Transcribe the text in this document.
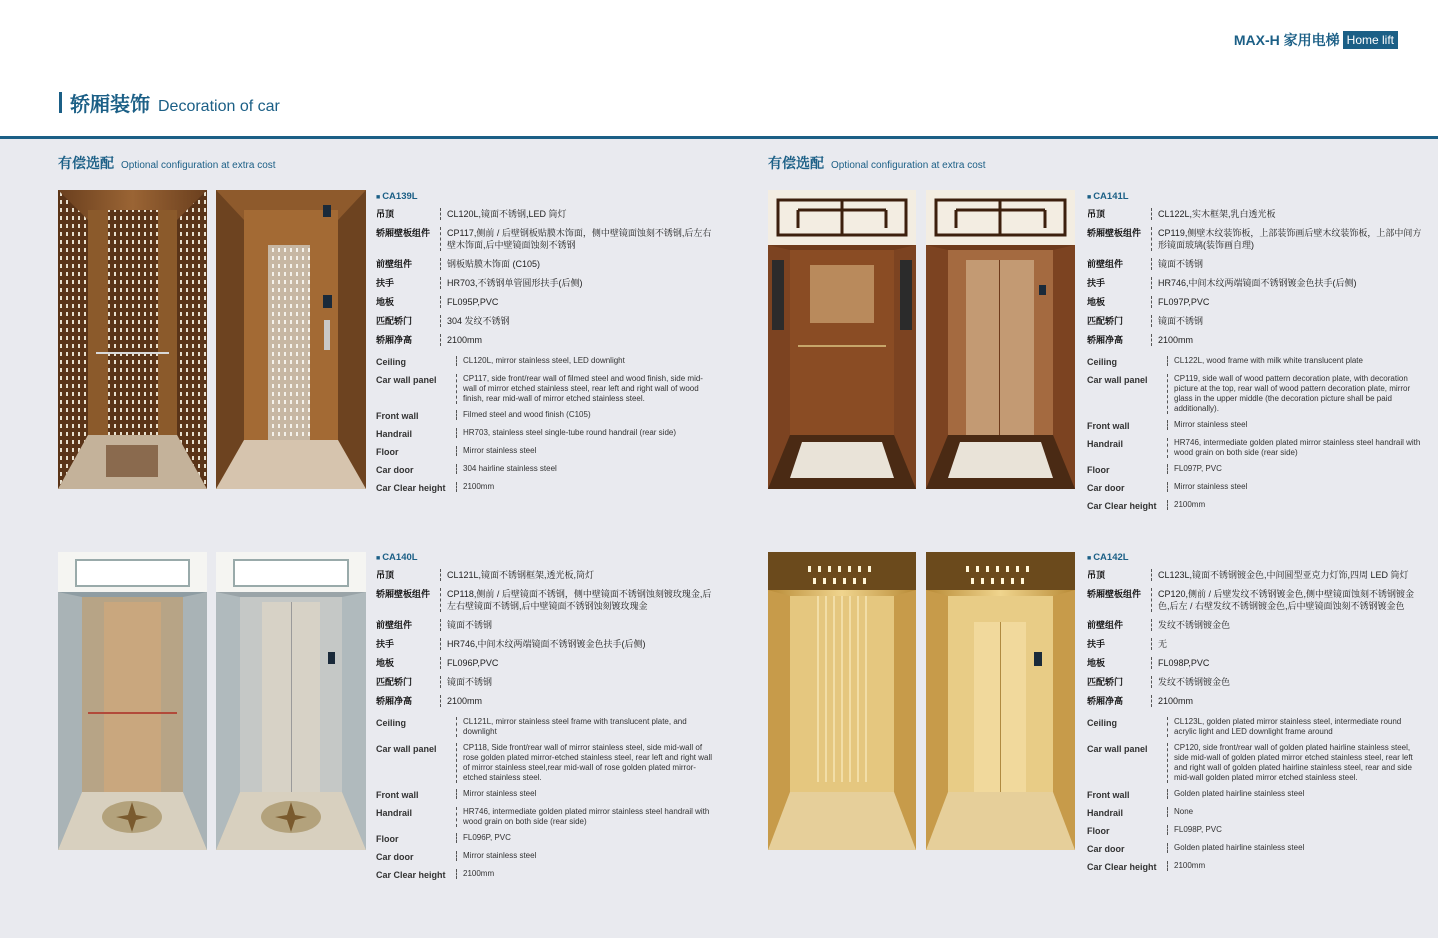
MAX-H 家用电梯 Home lift
轿厢装饰 Decoration of car
有偿选配 Optional configuration at extra cost	有偿选配 Optional configuration at extra cost
■ CA139L
吊顶	CL120L,镜面不锈钢,LED 筒灯
轿厢壁板组件	CP117,侧前 / 后壁钢板贴膜木饰面，侧中壁镜面蚀刻不锈钢,后左右壁木饰面,后中壁镜面蚀刻不锈钢
前壁组件	钢板贴膜木饰面 (C105)
扶手	HR703,不锈钢单管圆形扶手(后侧)
地板	FL095P,PVC
匹配轿门	304 发纹不锈钢
轿厢净高	2100mm
Ceiling	CL120L, mirror stainless steel, LED downlight
Car wall panel	CP117, side front/rear wall of filmed steel and wood finish, side mid-wall of mirror etched stainless steel, rear left and right wall of wood finish, rear mid-wall of mirror etched stainless steel.
Front wall	Filmed steel and wood finish (C105)
Handrail	HR703, stainless steel single-tube round handrail (rear side)
Floor	Mirror stainless steel
Car door	304 hairline stainless steel
Car Clear height	2100mm
■ CA141L
吊顶	CL122L,实木框架,乳白透光板
轿厢壁板组件	CP119,侧壁木纹装饰板，上部装饰画后壁木纹装饰板，上部中间方形镜面玻璃(装饰画自理)
前壁组件	镜面不锈钢
扶手	HR746,中间木纹两端镜面不锈钢镀金色扶手(后侧)
地板	FL097P,PVC
匹配轿门	镜面不锈钢
轿厢净高	2100mm
Ceiling	CL122L, wood frame with milk white translucent plate
Car wall panel	CP119, side wall of wood pattern decoration plate, with decoration picture at the top, rear wall of wood pattern decoration plate, mirror glass in the upper middle (the decoration picture shall be paid additionally).
Front wall	Mirror stainless steel
Handrail	HR746, intermediate golden plated mirror stainless steel handrail with wood grain on both side (rear side)
Floor	FL097P, PVC
Car door	Mirror stainless steel
Car Clear height	2100mm
■ CA140L
吊顶	CL121L,镜面不锈钢框架,透光板,筒灯
轿厢壁板组件	CP118,侧前 / 后壁镜面不锈钢，侧中壁镜面不锈钢蚀刻镀玫瑰金,后左右壁镜面不锈钢,后中壁镜面不锈钢蚀刻镀玫瑰金
前壁组件	镜面不锈钢
扶手	HR746,中间木纹两端镜面不锈钢镀金色扶手(后侧)
地板	FL096P,PVC
匹配轿门	镜面不锈钢
轿厢净高	2100mm
Ceiling	CL121L, mirror stainless steel frame with translucent plate, and downlight
Car wall panel	CP118, Side front/rear wall of mirror stainless steel, side mid-wall of rose golden plated mirror-etched stainless steel, rear left and right wall of mirror stainless steel,rear mid-wall of rose golden plated mirror-etched stainless steel.
Front wall	Mirror stainless steel
Handrail	HR746, intermediate golden plated mirror stainless steel handrail with wood grain on both side (rear side)
Floor	FL096P, PVC
Car door	Mirror stainless steel
Car Clear height	2100mm
■ CA142L
吊顶	CL123L,镜面不锈钢镀金色,中间圆型亚克力灯饰,四周 LED 筒灯
轿厢壁板组件	CP120,侧前 / 后壁发纹不锈钢镀金色,侧中壁镜面蚀刻不锈钢镀金色,后左 / 右壁发纹不锈钢镀金色,后中壁镜面蚀刻不锈钢镀金色
前壁组件	发纹不锈钢镀金色
扶手	无
地板	FL098P,PVC
匹配轿门	发纹不锈钢镀金色
轿厢净高	2100mm
Ceiling	CL123L, golden plated mirror stainless steel, intermediate round acrylic light and LED downlight frame around
Car wall panel	CP120, side front/rear wall of golden plated hairline stainless steel, side mid-wall of golden plated mirror etched stainless steel, rear left and right wall of golden plated hairline stainless steel, rear and side mid-wall golden plated mirror etched stainless steel.
Front wall	Golden plated hairline stainless steel
Handrail	None
Floor	FL098P, PVC
Car door	Golden plated hairline stainless steel
Car Clear height	2100mm
